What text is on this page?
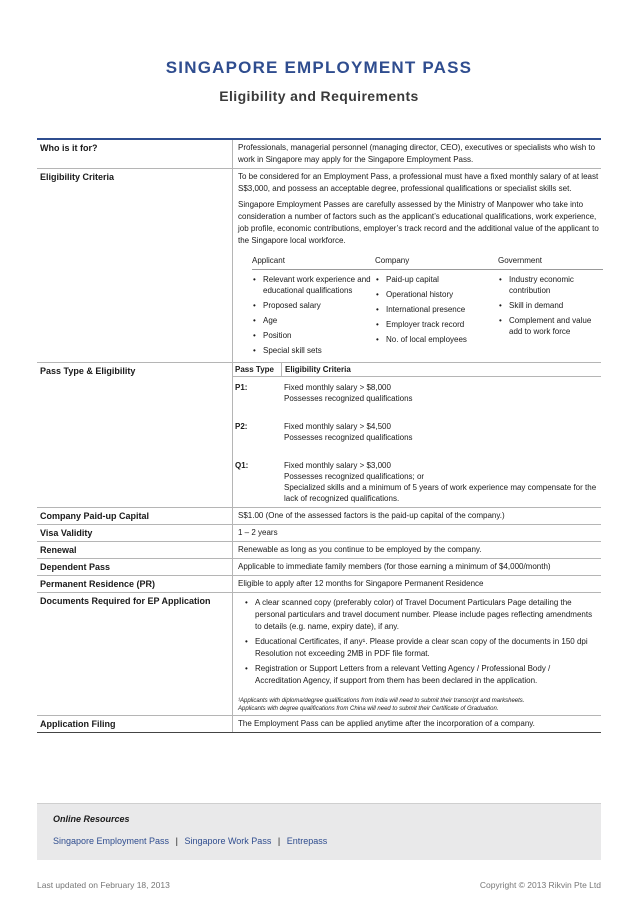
SINGAPORE EMPLOYMENT PASS
Eligibility and Requirements
Who is it for?	Professionals, managerial personnel (managing director, CEO), executives or specialists who wish to work in Singapore may apply for the Singapore Employment Pass.
Eligibility Criteria	To be considered for an Employment Pass, a professional must have a fixed monthly salary of at least S$3,000, and possess an acceptable degree, professional qualifications or specialist skills set.

Singapore Employment Passes are carefully assessed by the Ministry of Manpower who take into consideration a number of factors such as the applicant’s educational qualifications, work experience, job profile, economic contributions, employer’s track record and the additional value of the applicant to the Singapore local workforce.

Applicant
• Relevant work experience and educational qualifications
• Proposed salary
• Age
• Position
• Special skill sets
Company
• Paid-up capital
• Operational history
• International presence
• Employer track record
• No. of local employees
Government
• Industry economic contribution
• Skill in demand
• Complement and value add to work force
Pass Type & Eligibility	Pass Type	Eligibility Criteria
P1:	Fixed monthly salary > $8,000
Possesses recognized qualifications
P2:	Fixed monthly salary > $4,500
Possesses recognized qualifications
Q1:	Fixed monthly salary > $3,000
Possesses recognized qualifications; or
Specialized skills and a minimum of 5 years of work experience may compensate for the lack of recognized qualifications.
Company Paid-up Capital	S$1.00 (One of the assessed factors is the paid-up capital of the company.)
Visa Validity	1 – 2 years
Renewal	Renewable as long as you continue to be employed by the company.
Dependent Pass	Applicable to immediate family members (for those earning a minimum of $4,000/month)
Permanent Residence (PR)	Eligible to apply after 12 months for Singapore Permanent Residence
Documents Required for EP Application
•	A clear scanned copy (preferably color) of Travel Document Particulars Page detailing the personal particulars and travel document number. Please include pages reflecting amendments to details (e.g. name, expiry date), if any.
• Educational Certificates, if any¹. Please provide a clear scan copy of the documents in 150 dpi Resolution not exceeding 2MB in PDF file format.
• Registration or Support Letters from a relevant Vetting Agency / Professional Body / Accreditation Agency, if support from them has been declared in the application.
¹Applicants with diploma/degree qualifications from India will need to submit their transcript and marksheets.
Applicants with degree qualifications from China will need to submit their Certificate of Graduation.
Application Filing	The Employment Pass can be applied anytime after the incorporation of a company.
Online Resources
Singapore Employment Pass | Singapore Work Pass | Entrepass
Last updated on February 18, 2013	Copyright © 2013 Rikvin Pte Ltd
